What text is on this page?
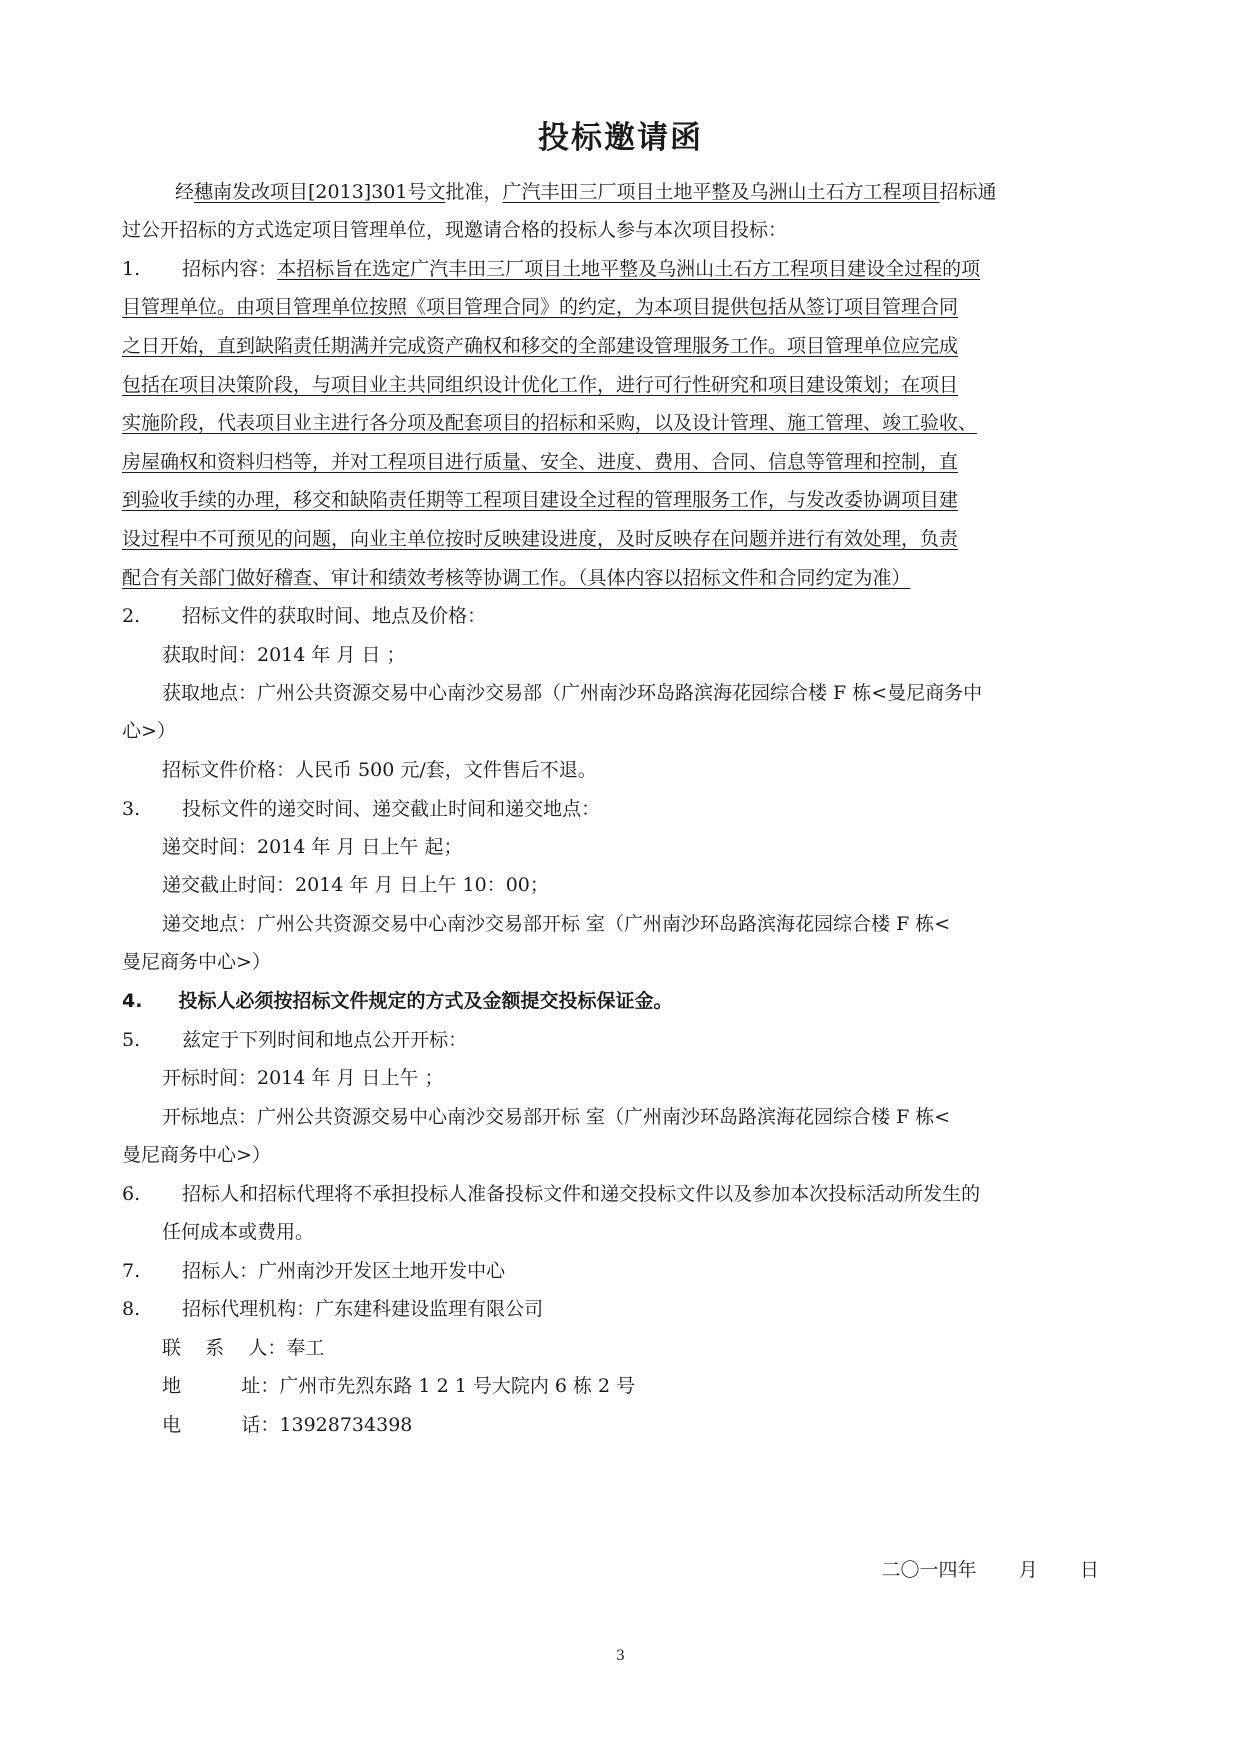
投标邀请函
经穗南发改项目[2013]301号文批准，广汽丰田三厂项目土地平整及乌洲山土石方工程项目招标通
过公开招标的方式选定项目管理单位，现邀请合格的投标人参与本次项目投标：
1. 招标内容：本招标旨在选定广汽丰田三厂项目土地平整及乌洲山土石方工程项目建设全过程的项
目管理单位。由项目管理单位按照《项目管理合同》的约定，为本项目提供包括从签订项目管理合同
之日开始，直到缺陷责任期满并完成资产确权和移交的全部建设管理服务工作。项目管理单位应完成
包括在项目决策阶段，与项目业主共同组织设计优化工作，进行可行性研究和项目建设策划；在项目
实施阶段，代表项目业主进行各分项及配套项目的招标和采购，以及设计管理、施工管理、竣工验收、
房屋确权和资料归档等，并对工程项目进行质量、安全、进度、费用、合同、信息等管理和控制，直
到验收手续的办理，移交和缺陷责任期等工程项目建设全过程的管理服务工作，与发改委协调项目建
设过程中不可预见的问题，向业主单位按时反映建设进度，及时反映存在问题并进行有效处理，负责
配合有关部门做好稽查、审计和绩效考核等协调工作。（具体内容以招标文件和合同约定为准）
2. 招标文件的获取时间、地点及价格：
获取时间：2014 年 月 日 ；
获取地点：广州公共资源交易中心南沙交易部（广州南沙环岛路滨海花园综合楼 F 栋<曼尼商务中
心>）
招标文件价格：人民币 500 元/套，文件售后不退。
3. 投标文件的递交时间、递交截止时间和递交地点：
递交时间：2014 年 月 日上午 起；
递交截止时间：2014 年 月 日上午 10：00；
递交地点：广州公共资源交易中心南沙交易部开标 室（广州南沙环岛路滨海花园综合楼 F 栋<
曼尼商务中心>）
4. 投标人必须按招标文件规定的方式及金额提交投标保证金。
5. 兹定于下列时间和地点公开开标：
开标时间：2014 年 月 日上午 ；
开标地点：广州公共资源交易中心南沙交易部开标 室（广州南沙环岛路滨海花园综合楼 F 栋<
曼尼商务中心>）
6. 招标人和招标代理将不承担投标人准备投标文件和递交投标文件以及参加本次投标活动所发生的
任何成本或费用。
7. 招标人：广州南沙开发区土地开发中心
8. 招标代理机构：广东建科建设监理有限公司
联    系    人：奉工
地          址：广州市先烈东路 1 2 1 号大院内 6 栋 2 号
电          话：13928734398
二〇一四年       月       日
3
